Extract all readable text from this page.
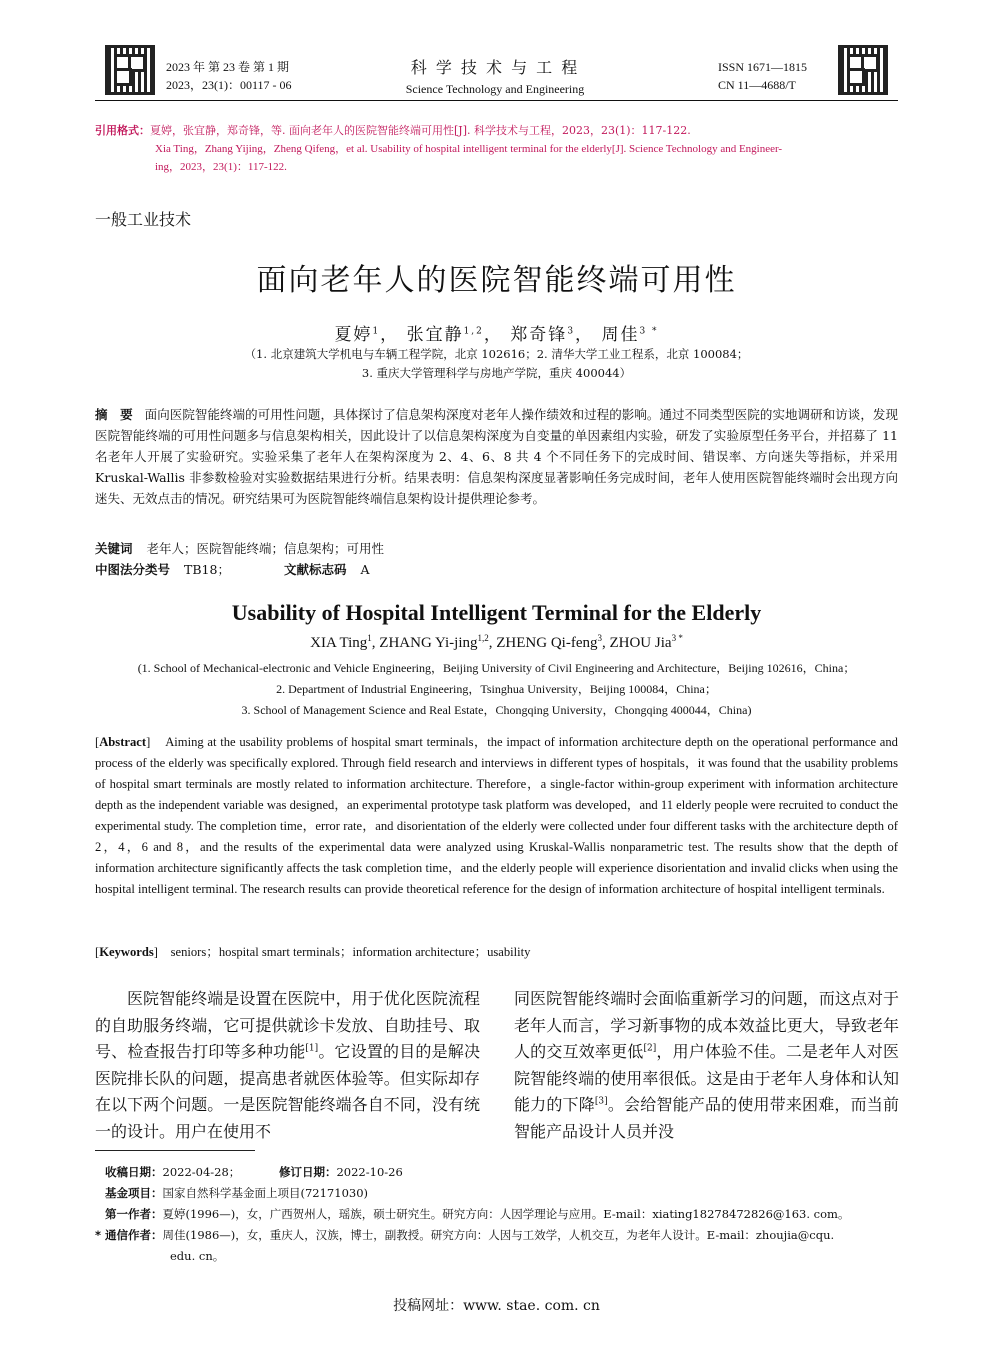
2023 年 第 23 卷 第 1 期
2023，23(1)：00117 - 06
科 学 技 术 与 工 程
Science Technology and Engineering
ISSN 1671—1815
CN 11—4688/T
引用格式：夏婷，张宜静，郑奇锋，等. 面向老年人的医院智能终端可用性[J]. 科学技术与工程，2023，23(1)：117-122.
Xia Ting，Zhang Yijing，Zheng Qifeng，et al. Usability of hospital intelligent terminal for the elderly[J]. Science Technology and Engineer-
ing，2023，23(1)：117-122.
一般工业技术
面向老年人的医院智能终端可用性
夏婷$^1$， 张宜静$^{1,2}$， 郑奇锋$^3$， 周佳$^{3 *}$
（1. 北京建筑大学机电与车辆工程学院，北京 102616；2. 清华大学工业工程系，北京 100084；
3. 重庆大学管理科学与房地产学院，重庆 400044）
摘　要 面向医院智能终端的可用性问题，具体探讨了信息架构深度对老年人操作绩效和过程的影响。通过不同类型医院的实地调研和访谈，发现医院智能终端的可用性问题多与信息架构相关，因此设计了以信息架构深度为自变量的单因素组内实验，研发了实验原型任务平台，并招募了 11 名老年人开展了实验研究。实验采集了老年人在架构深度为 2、4、6、8 共 4 个不同任务下的完成时间、错误率、方向迷失等指标，并采用 Kruskal-Wallis 非参数检验对实验数据结果进行分析。结果表明：信息架构深度显著影响任务完成时间，老年人使用医院智能终端时会出现方向迷失、无效点击的情况。研究结果可为医院智能终端信息架构设计提供理论参考。
关键词 老年人；医院智能终端；信息架构；可用性
中图法分类号 TB18；	文献标志码 A
Usability of Hospital Intelligent Terminal for the Elderly
XIA Ting$^1$, ZHANG Yi-jing$^{1,2}$, ZHENG Qi-feng$^3$, ZHOU Jia$^{3 *}$
(1. School of Mechanical-electronic and Vehicle Engineering，Beijing University of Civil Engineering and Architecture，Beijing 102616，China；
2. Department of Industrial Engineering，Tsinghua University，Beijing 100084，China；
3. School of Management Science and Real Estate，Chongqing University，Chongqing 400044，China)
[Abstract]    Aiming at the usability problems of hospital smart terminals，the impact of information architecture depth on the operational performance and process of the elderly was specifically explored. Through field research and interviews in different types of hospitals，it was found that the usability problems of hospital smart terminals are mostly related to information architecture. Therefore，a single-factor within-group experiment with information architecture depth as the independent variable was designed，an experimental prototype task platform was developed，and 11 elderly people were recruited to conduct the experimental study. The completion time，error rate，and disorientation of the elderly were collected under four different tasks with the architecture depth of 2，4，6 and 8，and the results of the experimental data were analyzed using Kruskal-Wallis nonparametric test. The results show that the depth of information architecture significantly affects the task completion time，and the elderly people will experience disorientation and invalid clicks when using the hospital intelligent terminal. The research results can provide theoretical reference for the design of information architecture of hospital intelligent terminals.
[Keywords]    seniors；hospital smart terminals；information architecture；usability
医院智能终端是设置在医院中，用于优化医院流程的自助服务终端，它可提供就诊卡发放、自助挂号、取号、检查报告打印等多种功能[1]。它设置的目的是解决医院排长队的问题，提高患者就医体验等。但实际却存在以下两个问题。一是医院智能终端各自不同，没有统一的设计。用户在使用不
同医院智能终端时会面临重新学习的问题，而这点对于老年人而言，学习新事物的成本效益比更大，导致老年人的交互效率更低[2]，用户体验不佳。二是老年人对医院智能终端的使用率很低。这是由于老年人身体和认知能力的下降[3]。会给智能产品的使用带来困难，而当前智能产品设计人员并没
收稿日期：2022-04-28；	修订日期：2022-10-26
基金项目：国家自然科学基金面上项目(72171030)
第一作者：夏婷(1996—)，女，广西贺州人，瑶族，硕士研究生。研究方向：人因学理论与应用。E-mail：xiating18278472826@163. com。
* 通信作者：周佳(1986—)，女，重庆人，汉族，博士，副教授。研究方向：人因与工效学，人机交互，为老年人设计。E-mail：zhoujia@cqu.
edu. cn。
投稿网址：www. stae. com. cn
